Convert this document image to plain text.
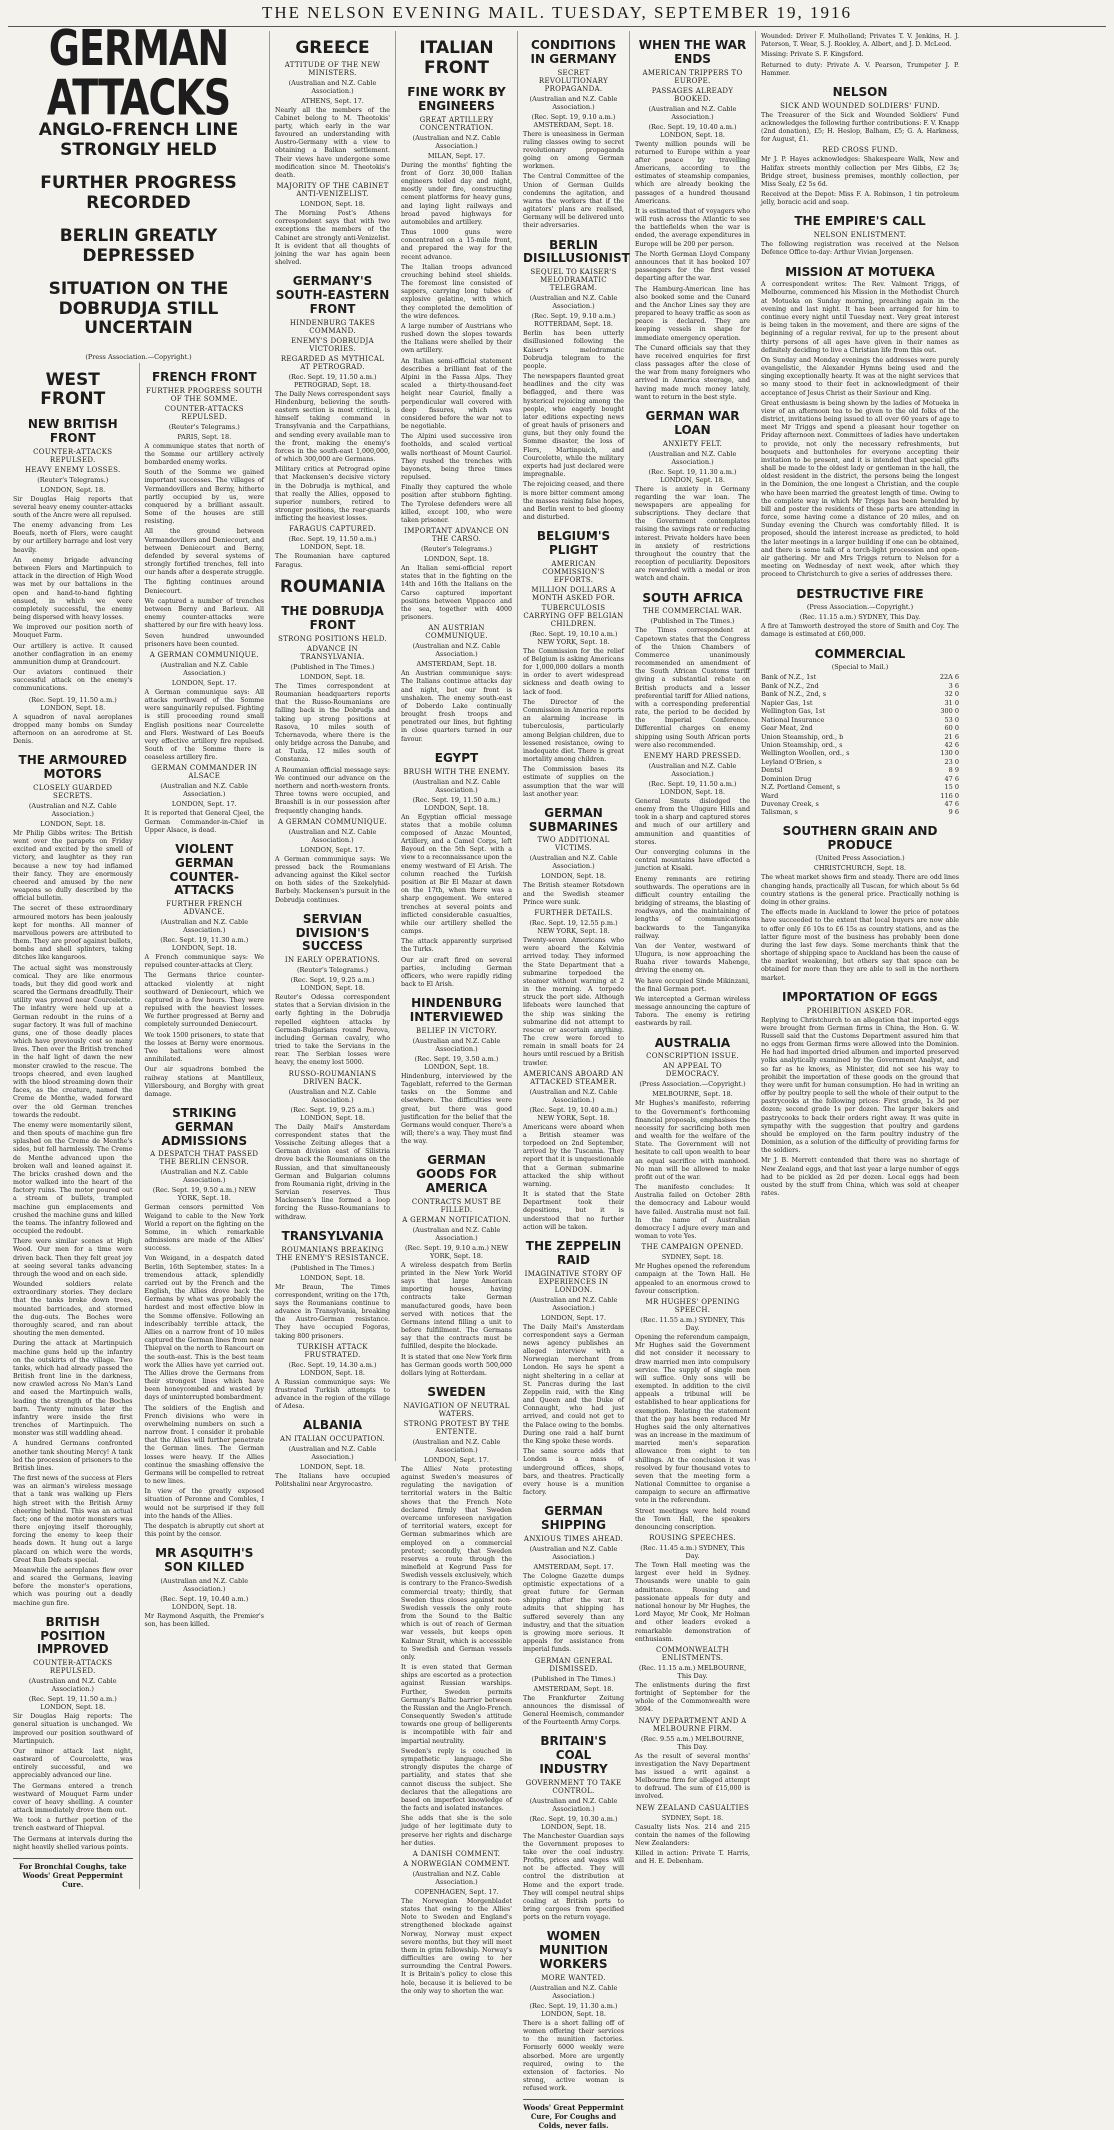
THE NELSON EVENING MAIL. TUESDAY, SEPTEMBER 19, 1916
GERMAN ATTACKS
ANGLO-FRENCH LINE STRONGLY HELD
FURTHER PROGRESS RECORDED
BERLIN GREATLY DEPRESSED
SITUATION ON THE DOBRUDJA STILL UNCERTAIN
(Press Association.—Copyright.)
WEST FRONT
NEW BRITISH FRONT
COUNTER-ATTACKS REPULSED.
HEAVY ENEMY LOSSES.
(Reuter's Telegrams.)
LONDON, Sept. 18.

Sir Douglas Haig reports that several heavy enemy counter-attacks south of the Ancre were all repulsed.

The enemy advancing from Les Boeufs, north of Flers, were caught by our artillery barrage and lost very heavily.

An enemy brigade advancing between Flers and Martinpuich to attack in the direction of High Wood was met by our battalions in the open and hand-to-hand fighting ensued, in which we were completely successful, the enemy being dispersed with heavy losses.

We improved our position north of Mouquet Farm.

Our artillery is active. It caused another conflagration in an enemy ammunition dump at Grandcourt.

Our aviators continued their successful attack on the enemy's communications.

(Rec. Sept. 19, 11.50 a.m.) LONDON, Sept. 18.

A squadron of naval aeroplanes dropped many bombs on Sunday afternoon on an aerodrome at St. Denis.

THE ARMOURED MOTORS
CLOSELY GUARDED SECRETS.
(Australian and N.Z. Cable Association.)
LONDON, Sept. 18.

Mr Philip Gibbs writes: The British went over the parapets on Friday excited and excited by the smell of victory, and laughter as they ran because a new toy had inflamed their fancy. They are enormously cheered and amused by the new weapons so dully described by the official bulletin.

The secret of these extraordinary armoured motors has been jealously kept for months. All manner of marvellous powers are attributed to them. They are proof against bullets, bombs and shell splinters, taking ditches like kangaroos.

The actual sight was monstrously comical. They are like enormous toads, but they did good work and scared the Germans dreadfully. Their utility was proved near Courcelette. The infantry were held up at a German redoubt in the ruins of a sugar factory. It was full of machine guns, one of those deadly places which have previously cost so many lives. Then over the British trenched in the half light of dawn the new monster crawled to the rescue. The troops cheered, and even laughed with the blood streaming down their faces, as the creature, named the Creme de Menthe, waded forward over the old German trenches towards the redoubt.

The enemy were momentarily silent, and then spouts of machine gun fire splashed on the Creme de Menthe's sides, but fell harmlessly. The Creme de Menthe advanced upon the broken wall and leaned against it. The bricks crashed down and the motor walked into the heart of the factory ruins. The motor poured out a stream of bullets, trampled machine gun emplacements and crushed the machine guns and killed the teams. The infantry followed and occupied the redoubt.

There were similar scenes at High Wood. Our men for a time were driven back. Then they felt great joy at seeing several tanks advancing through the wood and on each side.

Wounded soldiers relate extraordinary stories. They declare that the tanks broke down trees, mounted barricades, and stormed the dug-outs. The Boches were thoroughly scared, and ran about shouting the men demented.

During the attack at Martinpuich machine guns held up the infantry on the outskirts of the village. Two tanks, which had already passed the British front line in the darkness, now crawled across No Man's Land and eased the Martinpuich walls, leading the strength of the Boches barn. Twenty minutes later the infantry were inside the first trenches of Martinpuich. The monster was still waddling ahead.

A hundred Germans confronted another tank shouting Mercy! A tank led the procession of prisoners to the British lines.

The first news of the success at Flers was an airman's wireless message that a tank was walking up Flers high street with the British Army cheering behind. This was an actual fact; one of the motor monsters was there enjoying itself thoroughly, forcing the enemy to keep their heads down. It hung out a large placard on which were the words, Great Run Defeats special.

Meanwhile the aeroplanes flew over and scared the Germans, leaving before the monster's operations, which was pouring out a deadly machine gun fire.

BRITISH POSITION IMPROVED
COUNTER-ATTACKS REPULSED.
(Australian and N.Z. Cable Association.)
(Rec. Sept. 19, 11.50 a.m.) LONDON, Sept. 18.

Sir Douglas Haig reports: The general situation is unchanged. We improved our position southward of Martinpuich.

Our minor attack last night, eastward of Courcelette, was entirely successful, and we appreciably advanced our line.

The Germans entered a trench westward of Mouquet Farm under cover of heavy shelling. A counter attack immediately drove them out.

We took a further portion of the trench eastward of Thiepval.

The Germans at intervals during the night heavily shelled various points.

For Bronchial Coughs, take Woods' Great Peppermint Cure.
FRENCH FRONT
FURTHER PROGRESS SOUTH OF THE SOMME.
COUNTER-ATTACKS REPULSED.
(Reuter's Telegrams.)
PARIS, Sept. 18.

A communique states that north of the Somme our artillery actively bombarded enemy works.

South of the Somme we gained important successes. The villages of Vermandovillers and Berny, hitherto partly occupied by us, were conquered by a brilliant assault. Some of the houses are still resisting.

All the ground between Vermandovillers and Deniecourt, and between Deniecourt and Berny, defended by several systems of strongly fortified trenches, fell into our hands after a desperate struggle.

The fighting continues around Deniecourt.

We captured a number of trenches between Berny and Barleux. All enemy counter-attacks were shattered by our fire with heavy loss.

Seven hundred unwounded prisoners have been counted.

A GERMAN COMMUNIQUE.
(Australian and N.Z. Cable Association.)
LONDON, Sept. 17.

A German communique says: All attacks northward of the Somme were sanguinarily repulsed. Fighting is still proceeding round small English positions near Courcelette and Flers. Westward of Les Boeufs very effective artillery fire repulsed. South of the Somme there is ceaseless artillery fire.

GERMAN COMMANDER IN ALSACE
(Australian and N.Z. Cable Association.)
LONDON, Sept. 17.

It is reported that General Cjeel, the German Commander-in-Chief in Upper Alsace, is dead.

VIOLENT GERMAN COUNTER-ATTACKS
FURTHER FRENCH ADVANCE.
(Australian and N.Z. Cable Association.)
(Rec. Sept. 19, 11.30 a.m.) LONDON, Sept. 18.

A French communique says: We repulsed counter-attacks at Clery.

The Germans thrice counter-attacked violently at night southward of Deniecourt, which we captured in a few hours. They were repulsed with the heaviest losses. We further progressed at Berny and completely surrounded Deniecourt.

We took 1500 prisoners, to state that the losses at Berny were enormous. Two battalions were almost annihilated.

Our air squadrons bombed the railway stations at Mantilleux, Villersbourg, and Borghy with great damage.

STRIKING GERMAN ADMISSIONS
A DESPATCH THAT PASSED THE BERLIN CENSOR.
(Australian and N.Z. Cable Association.)
(Rec. Sept. 19, 9.50 a.m.) NEW YORK, Sept. 18.

German censors permitted Von Weigand to cable to the New York World a report on the fighting on the Somme, in which remarkable admissions are made of the Allies' success.

Von Weigand, in a despatch dated Berlin, 16th September, states: In a tremendous attack, splendidly carried out by the French and the English, the Allies drove back the Germans by what was probably the hardest and most effective blow in the Somme offensive. Following an indescribably terrible attack, the Allies on a narrow front of 10 miles captured the German lines from near Thiepval on the north to Rancourt on the south-east. This is the best team work the Allies have yet carried out. The Allies drove the Germans from their strongest lines which have been honeycombed and wasted by days of uninterrupted bombardment.

The soldiers of the English and French divisions who were in overwhelming numbers on such a narrow front. I consider it probable that the Allies will further penetrate the German lines. The German losses were heavy. If the Allies continue the smashing offensive the Germans will be compelled to retreat to new lines.

In view of the greatly exposed situation of Peronne and Combles, I would not be surprised if they fell into the hands of the Allies.

The despatch is abruptly cut short at this point by the censor.

MR ASQUITH'S SON KILLED
(Australian and N.Z. Cable Association.)
(Rec. Sept. 19, 10.40 a.m.) LONDON, Sept. 18.

Mr Raymond Asquith, the Premier's son, has been killed.

GREECE
ATTITUDE OF THE NEW MINISTERS.
(Australian and N.Z. Cable Association.)
ATHENS, Sept. 17.

Nearly all the members of the Cabinet belong to M. Theotokis' party, which early in the war favoured an understanding with Austro-Germany with a view to obtaining a Balkan settlement. Their views have undergone some modification since M. Theotokis's death.

MAJORITY OF THE CABINET ANTI-VENIZELIST.
LONDON, Sept. 18.

The Morning Post's Athens correspondent says that with two exceptions the members of the Cabinet are strongly anti-Venizelist. It is evident that all thoughts of joining the war has again been shelved.

GERMANY'S SOUTH-EASTERN FRONT
HINDENBURG TAKES COMMAND.
ENEMY'S DOBRUDJA VICTORIES.
REGARDED AS MYTHICAL AT PETROGRAD.
(Rec. Sept. 19, 11.50 a.m.) PETROGRAD, Sept. 18.

The Daily News correspondent says Hindenburg, believing the south-eastern section is most critical, is himself taking command in Transylvania and the Carpathians, and sending every available man to the front, making the enemy's forces in the south-east 1,000,000, of which 300,000 are Germans.

Military critics at Petrograd opine that Mackensen's decisive victory in the Dobrudja is mythical, and that really the Allies, opposed to superior numbers, retired to stronger positions, the rear-guards inflicting the heaviest losses.

FARAGUS CAPTURED.
(Rec. Sept. 19, 11.50 a.m.) LONDON, Sept. 18.

The Roumanian have captured Faragus.

ROUMANIA
THE DOBRUDJA FRONT
STRONG POSITIONS HELD.
ADVANCE IN TRANSYLVANIA.
(Published in The Times.)
LONDON, Sept. 18.

The Times correspondent at Roumanian headquarters reports that the Russo-Roumanians are falling back in the Dobrudja and taking up strong positions at Rasova, 10 miles south of Tchernavoda, where there is the only bridge across the Danube, and at Tuzla, 12 miles south of Constanza.

A Roumanian official message says: We continued our advance on the northern and north-western fronts. Three towns were occupied, and Braashill is in our possession after frequently changing hands.

A GERMAN COMMUNIQUE.
(Australian and N.Z. Cable Association.)
LONDON, Sept. 17.

A German communique says: We pressed back the Roumanians advancing against the Kikel sector on both sides of the Szekelyhid-Barbely. Mackensen's pursuit in the Dobrudja continues.

SERVIAN DIVISION'S SUCCESS
IN EARLY OPERATIONS.
(Reuter's Telegrams.)
(Rec. Sept. 19, 9.25 a.m.) LONDON, Sept. 18.

Reuter's Odessa correspondent states that a Servian division in the early fighting in the Dobrudja repelled eighteen attacks by German-Bulgarians round Perova, including German cavalry, who tried to take the Servians in the rear. The Serbian losses were heavy, the enemy lost 5000.

RUSSO-ROUMANIANS DRIVEN BACK.
(Australian and N.Z. Cable Association.)
(Rec. Sept. 19, 9.25 a.m.) LONDON, Sept. 18.

The Daily Mail's Amsterdam correspondent states that the Vossische Zeitung alleges that a German division east of Silistria drove back the Roumanians on the Russian, and that simultaneously German and Bulgarian columns from Roumania right, driving in the Servian reserves. Thus Mackensen's line formed a loop forcing the Russo-Roumanians to withdraw.

TRANSYLVANIA
ROUMANIANS BREAKING THE ENEMY'S RESISTANCE.
(Published in The Times.)
LONDON, Sept. 18.

Mr Braun, The Times correspondent, writing on the 17th, says the Roumanians continue to advance in Transylvania, breaking the Austro-German resistance. They have occupied Fogoras, taking 800 prisoners.

TURKISH ATTACK FRUSTRATED.
(Rec. Sept. 19, 14.30 a.m.) LONDON, Sept. 18.

A Russian communique says: We frustrated Turkish attempts to advance in the region of the village of Adesa.

ALBANIA
AN ITALIAN OCCUPATION.
(Australian and N.Z. Cable Association.)
LONDON, Sept. 18.

The Italians have occupied Politshalini near Argyrocastro.

ITALIAN FRONT
FINE WORK BY ENGINEERS
GREAT ARTILLERY CONCENTRATION.
(Australian and N.Z. Cable Association.)
MILAN, Sept. 17.

During the months' fighting the front of Gorz 30,000 Italian engineers toiled day and night, mostly under fire, constructing cement platforms for heavy guns, and laying light railways and broad paved highways for automobiles and artillery.

Thus 1000 guns were concentrated on a 15-mile front, and prepared the way for the recent advance.

The Italian troops advanced crouching behind steel shields. The foremost line consisted of sappers, carrying long tubes of explosive gelatine, with which they completed the demolition of the wire defences.

A large number of Austrians who rushed down the slopes towards the Italians were shelled by their own artillery.

An Italian semi-official statement describes a brilliant feat of the Alpini in the Fassa Alps. They scaled a thirty-thousand-feet height near Cauriol, finally a perpendicular wall covered with deep fissures, which was considered before the war not to be negotiable.

The Alpini used successive iron footholds, and scaled vertical walls northeast of Mount Cauriol. They rushed the trenches with bayonets, being three times repulsed.

Finally they captured the whole position after stubborn fighting. The Tyrolese defenders were all killed, except 100, who were taken prisoner.

IMPORTANT ADVANCE ON THE CARSO.
(Reuter's Telegrams.)
LONDON, Sept. 18.

An Italian semi-official report states that in the fighting on the 14th and 16th the Italians on the Carso captured important positions between Vippacco and the sea, together with 4000 prisoners.

AN AUSTRIAN COMMUNIQUE.
(Australian and N.Z. Cable Association.)
AMSTERDAM, Sept. 18.

An Austrian communique says: The Italians continue attacks day and night, but our front is unshaken. The enemy south-east of Doberdo Lake continually brought fresh troops and penetrated our lines, but fighting in close quarters turned in our favour.

EGYPT
BRUSH WITH THE ENEMY.
(Australian and N.Z. Cable Association.)
(Rec. Sept. 19, 11.50 a.m.) LONDON, Sept. 18.

An Egyptian official message states that a mobile column composed of Anzac Mounted, Artillery, and a Camel Corps, left Bayoud on the 5th Sept. with a view to a reconnaissance upon the enemy westward of El Arish. The column reached the Turkish position at Bir El Mazar at dawn on the 17th, when there was a sharp engagement. We entered trenches at several points and inflicted considerable casualties, while our artillery shelled the camps.

The attack apparently surprised the Turks.

Our air craft fired on several parties, including German officers, who were rapidly riding back to El Arish.

HINDENBURG INTERVIEWED
BELIEF IN VICTORY.
(Australian and N.Z. Cable Association.)
(Rec. Sept. 19, 3.50 a.m.) LONDON, Sept. 18.

Hindenburg, interviewed by the Tageblatt, referred to the German tasks on the Somme and elsewhere. The difficulties were great, but there was good justification for the belief that the Germans would conquer. There's a will; there's a way. They must find the way.

GERMAN GOODS FOR AMERICA
CONTRACTS MUST BE FILLED.
A GERMAN NOTIFICATION.
(Australian and N.Z. Cable Association.)
(Rec. Sept. 19, 9.10 a.m.) NEW YORK, Sept. 18.

A wireless despatch from Berlin printed in the New York World says that large American importing houses, having contracts take German manufactured goods, have been served with notices that the Germans intend filling a unit to before fulfillment. The Germans say that the contracts must be fulfilled, despite the blockade.

It is stated that one New York firm has German goods worth 500,000 dollars lying at Rotterdam.

SWEDEN
NAVIGATION OF NEUTRAL WATERS.
STRONG PROTEST BY THE ENTENTE.
(Australian and N.Z. Cable Association.)
LONDON, Sept. 17.

The Allies' Note protesting against Sweden's measures of regulating the navigation of territorial waters in the Baltic shows that the French Note declared firmly that Sweden overcame unforeseen navigation of territorial waters, except for German submarines which are employed on a commercial pretext; secondly, that Sweden reserves a route through the minefield at Kegrund Pass for Swedish vessels exclusively, which is contrary to the Franco-Swedish commercial treaty; thirdly, that Sweden thus closes against non-Swedish vessels the only route from the Sound to the Baltic which is out of reach of German war vessels, but keeps open Kalmar Strait, which is accessible to Swedish and German vessels only.

It is even stated that German ships are escorted as a protection against Russian warships. Further, Sweden permits Germany's Baltic barrier between the Russian and the Anglo-French. Consequently Sweden's attitude towards one group of belligerents is incompatible with fair and impartial neutrality.

Sweden's reply is couched in sympathetic language. She strongly disputes the charge of partiality, and states that she cannot discuss the subject. She declares that the allegations are based on imperfect knowledge of the facts and isolated instances.

She adds that she is the sole judge of her legitimate duty to preserve her rights and discharge her duties.

A DANISH COMMENT.
A NORWEGIAN COMMENT.
(Australian and N.Z. Cable Association.)
COPENHAGEN, Sept. 17.

The Norwegian Morgenbladet states that owing to the Allies' Note to Sweden and England's strengthened blockade against Norway, Norway must expect severe months, but they will meet them in grim fellowship. Norway's difficulties are owing to her surrounding the Central Powers. It is Britain's policy to close this hole, because it is believed to be the only way to shorten the war.

CONDITIONS IN GERMANY
SECRET REVOLUTIONARY PROPAGANDA.
(Australian and N.Z. Cable Association.)
(Rec. Sept. 19, 9.10 a.m.) AMSTERDAM, Sept. 18.

There is uneasiness in German ruling classes owing to secret revolutionary propaganda going on among German workmen.

The Central Committee of the Union of German Guilds condemns the agitation, and warns the workers that if the agitators' plans are realised, Germany will be delivered unto their adversaries.

BERLIN DISILLUSIONIST
SEQUEL TO KAISER'S MELODRAMATIC TELEGRAM.
(Australian and N.Z. Cable Association.)
(Rec. Sept. 19, 9.10 a.m.) ROTTERDAM, Sept. 18.

Berlin has been utterly disillusioned following the Kaiser's melodramatic Dobrudja telegram to the people.

The newspapers flaunted great headlines and the city was beflagged, and there was hysterical rejoicing among the people, who eagerly bought later editions expecting news of great hauls of prisoners and guns, but they only found the Somme disaster, the loss of Flers, Martinpuich, and Courcelette, while the military experts had just declared were impregnable.

The rejoicing ceased, and there is more bitter comment among the masses raising false hopes, and Berlin went to bed gloomy and disturbed.

BELGIUM'S PLIGHT
AMERICAN COMMISSION'S EFFORTS.
MILLION DOLLARS A MONTH ASKED FOR.
TUBERCULOSIS CARRYING OFF BELGIAN CHILDREN.
(Rec. Sept. 19, 10.10 a.m.) NEW YORK, Sept. 18.

The Commission for the relief of Belgium is asking Americans for 1,000,000 dollars a month in order to avert widespread sickness and death owing to lack of food.

The Director of the Commission in America reports an alarming increase in tuberculosis, particularly among Belgian children, due to lessened resistance, owing to inadequate diet. There is great mortality among children.

The Commission bases its estimate of supplies on the assumption that the war will last another year.

GERMAN SUBMARINES
TWO ADDITIONAL VICTIMS.
(Australian and N.Z. Cable Association.)
LONDON, Sept. 18.

The British steamer Rotsdown and the Swedish steamer Prince were sunk.

FURTHER DETAILS.
(Rec. Sept. 19, 12.55 p.m.) NEW YORK, Sept. 18.

Twenty-seven Americans who were aboard the Kelvinia arrived today. They informed the State Department that a submarine torpedoed the steamer without warning at 2 in the morning. A torpedo struck the port side. Although lifeboats were launched that the ship was sinking the submarine did not attempt to rescue or ascertain anything. The crew were forced to remain in small boats for 24 hours until rescued by a British trawler.

AMERICANS ABOARD AN ATTACKED STEAMER.
(Australian and N.Z. Cable Association.)
(Rec. Sept. 19, 10.40 a.m.) NEW YORK, Sept. 18.

Americans were aboard when a British steamer was torpedoed on 2nd September, arrived by the Tuscania. They report that it is unquestionable that a German submarine attacked the ship without warning.

It is stated that the State Department took their depositions, but it is understood that no further action will be taken.

THE ZEPPELIN RAID
IMAGINATIVE STORY OF EXPERIENCES IN LONDON.
(Australian and N.Z. Cable Association.)
LONDON, Sept. 17.

The Daily Mail's Amsterdam correspondent says a German news agency publishes an alleged interview with a Norwegian merchant from London. He says he spent a night sheltering in a cellar at St. Pancras during the last Zeppelin raid, with the King and Queen and the Duke of Connaught, who had just arrived, and could not get to the Palace owing to the bombs. During one raid a half burnt the King spoke these words.

The same source adds that London is a mass of underground offices, shops, bars, and theatres. Practically every house is a munition factory.

GERMAN SHIPPING
ANXIOUS TIMES AHEAD.
(Australian and N.Z. Cable Association.)
AMSTERDAM, Sept. 17.

The Cologne Gazette dumps optimistic expectations of a great future for German shipping after the war. It admits that shipping has suffered severely than any industry, and that the situation is growing more serious. It appeals for assistance from imperial funds.

GERMAN GENERAL DISMISSED.
(Published in The Times.)
AMSTERDAM, Sept. 18.

The Frankfurter Zeitung announces the dismissal of General Heemisch, commander of the Fourteenth Army Corps.

BRITAIN'S COAL INDUSTRY
GOVERNMENT TO TAKE CONTROL.
(Australian and N.Z. Cable Association.)
(Rec. Sept. 19, 10.30 a.m.) LONDON, Sept. 18.

The Manchester Guardian says the Government proposes to take over the coal industry. Profits, prices and wages will not be affected. They will control the distribution at Home and the export trade. They will compel neutral ships coaling at British ports to bring cargoes from specified ports on the return voyage.

WOMEN MUNITION WORKERS
MORE WANTED.
(Australian and N.Z. Cable Association.)
(Rec. Sept. 19, 11.30 a.m.) LONDON, Sept. 18.

There is a short falling off of women offering their services to the munition factories. Formerly 6000 weekly were absorbed. More are urgently required, owing to the extension of factories. No strong, active woman is refused work.

Woods' Great Peppermint Cure, For Coughs and Colds, never fails.
WHEN THE WAR ENDS
AMERICAN TRIPPERS TO EUROPE.
PASSAGES ALREADY BOOKED.
(Australian and N.Z. Cable Association.)
(Rec. Sept. 19, 10.40 a.m.) LONDON, Sept. 18.

Twenty million pounds will be returned to Europe within a year after peace by travelling Americans, according to the estimates of steamship companies, which are already booking the passages of a hundred thousand Americans.

It is estimated that of voyagers who will rush across the Atlantic to see the battlefields when the war is ended, the average expenditures in Europe will be 200 per person.

The North German Lloyd Company announces that it has booked 107 passengers for the first vessel departing after the war.

The Hamburg-American line has also booked some and the Cunard and the Anchor Lines say they are prepared to heavy traffic as soon as peace is declared. They are keeping vessels in shape for immediate emergency operation.

The Cunard officials say that they have received enquiries for first class passages after the close of the war from many foreigners who arrived in America steerage, and having made much money lately, want to return in the best style.

GERMAN WAR LOAN
ANXIETY FELT.
(Australian and N.Z. Cable Association.)
(Rec. Sept. 19, 11.30 a.m.) LONDON, Sept. 18.

There is anxiety in Germany regarding the war loan. The newspapers are appealing for subscriptions. They declare that the Government contemplates raising the savings rate or reducing interest. Private holders have been in anxiety of restrictions throughout the country that the reception of peculiarity. Depositors are rewarded with a medal or iron watch and chain.

SOUTH AFRICA
THE COMMERCIAL WAR.
(Published in The Times.)

The Times correspondent at Capetown states that the Congress of the Union Chambers of Commerce unanimously recommended an amendment of the South African Customs tariff giving a substantial rebate on British products and a lesser preferential tariff for Allied nations, with a corresponding preferential rate, the period to be decided by the Imperial Conference. Differential charges on enemy shipping using South African ports were also recommended.

ENEMY HARD PRESSED.
(Australian and N.Z. Cable Association.)
(Rec. Sept. 19, 11.50 a.m.) LONDON, Sept. 18.

General Smuts dislodged the enemy from the Ulugure Hills and took in a sharp and captured stores and much of our artillery and ammunition and quantities of stores.

Our converging columns in the central mountains have effected a junction at Kisaki.

Enemy remnants are retiring southwards. The operations are in difficult country entailing the bridging of streams, the blasting of roadways, and the maintaining of lengths of communications backwards to the Tanganyika railway.

Van der Venter, westward of Ulugura, is now approaching the Ruaha river towards Mahenge, driving the enemy on.

We have occupied Sinde Mikinzani, the final German port.

We intercepted a German wireless message announcing the capture of Tabora. The enemy is retiring eastwards by rail.

AUSTRALIA
CONSCRIPTION ISSUE.
AN APPEAL TO DEMOCRACY.
(Press Association.—Copyright.)
MELBOURNE, Sept. 18.

Mr Hughes's manifesto, referring to the Government's forthcoming financial proposals, emphasises the necessity for sacrificing both men and wealth for the welfare of the State. The Government will not hesitate to call upon wealth to bear an equal sacrifice with manhood. No man will be allowed to make profit out of the war.

The manifesto concludes: It Australia failed on October 28th the democracy and Labour would have failed. Australia must not fail. In the name of Australian democracy I adjure every man and woman to vote Yes.

THE CAMPAIGN OPENED.
SYDNEY, Sept. 18.

Mr Hughes opened the referendum campaign at the Town Hall. He appealed to an enormous crowd to favour conscription.

MR HUGHES' OPENING SPEECH.
(Rec. 11.55 a.m.) SYDNEY, This Day.

Opening the referendum campaign, Mr Hughes said the Government did not consider it necessary to draw married men into compulsory service. The supply of single men will suffice. Only sons will be exempted. In addition to the civil appeals a tribunal will be established to hear applications for exemption. Relating the statement that the pay has been reduced Mr Hughes said the only alternatives was an increase in the maximum of married men's separation allowance from eight to ten shillings. At the conclusion it was resolved by four thousand votes to seven that the meeting form a National Committee to organise a campaign to secure an affirmative vote in the referendum.

Street meetings were held round the Town Hall, the speakers denouncing conscription.

ROUSING SPEECHES.
(Rec. 11.45 a.m.) SYDNEY, This Day.

The Town Hall meeting was the largest ever held in Sydney. Thousands were unable to gain admittance. Rousing and passionate appeals for duty and national honour by Mr Hughes, the Lord Mayor, Mr Cook, Mr Holman and other leaders evoked a remarkable demonstration of enthusiasm.

COMMONWEALTH ENLISTMENTS.
(Rec. 11.15 a.m.) MELBOURNE, This Day.

The enlistments during the first fortnight of September for the whole of the Commonwealth were 3694.

NAVY DEPARTMENT AND A MELBOURNE FIRM.
(Rec. 9.55 a.m.) MELBOURNE, This Day.

As the result of several months' investigation the Navy Department has issued a writ against a Melbourne firm for alleged attempt to defraud. The sum of £15,000 is involved.

NEW ZEALAND CASUALTIES
SYDNEY, Sept. 18.

Casualty lists Nos. 214 and 215 contain the names of the following New Zealanders:

Killed in action: Private T. Harris, and H. E. Debenham.

Wounded: Driver F. Mulholland; Privates T. V. Jenkins, H. J. Paterson, T. Wear, S. J. Rookley, A. Albert, and J. D. McLeod.

Missing: Private S. F. Kingsford.

Returned to duty: Private A. V. Pearson, Trumpeter J. P. Hammer.

NELSON
SICK AND WOUNDED SOLDIERS' FUND.

The Treasurer of the Sick and Wounded Soldiers' Fund acknowledges the following further contributions: F. V. Knapp (2nd donation), £5; H. Heslop, Balham, £5; G. A. Harkness, for August, £1.

RED CROSS FUND.

Mr J. P. Hayes acknowledges: Shakespeare Walk, New and Halifax streets monthly collection per Mrs Gibbs, £2 3s; Bridge street, business premises, monthly collection, per Miss Sealy, £2 5s 6d.

Received at the Depot: Miss F. A. Robinson, 1 tin petroleum jelly, boracic acid and soap.

THE EMPIRE'S CALL
NELSON ENLISTMENT.

The following registration was received at the Nelson Defence Office to-day: Arthur Vivian Jorgensen.

MISSION AT MOTUEKA

A correspondent writes: The Rev. Valmont Triggs, of Melbourne, commenced his Mission in the Methodist Church at Motueka on Sunday morning, preaching again in the evening and last night. It has been arranged for him to continue every night until Tuesday next. Very great interest is being taken in the movement, and there are signs of the beginning of a regular revival, for up to the present about thirty persons of all ages have given in their names as definitely deciding to live a Christian life from this out.

On Sunday and Monday evenings the addresses were purely evangelistic, the Alexander Hymns being used and the singing exceptionally hearty. It was at the night services that so many stood to their feet in acknowledgment of their acceptance of Jesus Christ as their Saviour and King.

Great enthusiasm is being shown by the ladies of Motueka in view of an afternoon tea to be given to the old folks of the district, invitations being issued to all over 60 years of age to meet Mr Triggs and spend a pleasant hour together on Friday afternoon next. Committees of ladies have undertaken to provide, not only the necessary refreshments, but bouquets and buttonholes for everyone accepting their invitation to be present, and it is intended that special gifts shall be made to the oldest lady or gentleman in the hall, the oldest resident in the district, the persons being the longest in the Dominion, the one longest a Christian, and the couple who have been married the greatest length of time. Owing to the complete way in which Mr Triggs has been heralded by bill and poster the residents of these parts are attending in force, some having come a distance of 20 miles, and on Sunday evening the Church was comfortably filled. It is proposed, should the interest increase as predicted, to hold the later meetings in a larger building if one can be obtained, and there is some talk of a torch-light procession and open-air gathering. Mr and Mrs Triggs return to Nelson for a meeting on Wednesday of next week, after which they proceed to Christchurch to give a series of addresses there.

DESTRUCTIVE FIRE
(Press Association.—Copyright.)
(Rec. 11.15 a.m.) SYDNEY, This Day.

A fire at Tamworth destroyed the store of Smith and Coy. The damage is estimated at £60,000.

COMMERCIAL
(Special to Mail.)
Bank of N.Z., 1st	22A 6
Bank of N.Z., 2nd	3 6
Bank of N.Z., 2nd, s	32 0
Napier Gas, 1st	31 0
Wellington Gas, 1st	300 0
National Insurance	53 0
Gear Meat, 2nd	60 0
Union Steamship, ord., b	21 6
Union Steamship, ord., s	42 6
Wellington Woollen, ord., s	130 0
Leyland O'Brien, s	23 0
Dentsl	8 9
Dominion Drug	47 6
N.Z. Portland Cement, s	15 0
Ward	116 0
Duvenay Creek, s	47 6
Talisman, s	9 6
SOUTHERN GRAIN AND PRODUCE
(United Press Association.)
CHRISTCHURCH, Sept. 18.

The wheat market shows firm and steady. There are odd lines changing hands, practically all Tuscan, for which about 5s 6d country stations is the general price. Practically nothing is doing in other grains.

The effects made in Auckland to lower the price of potatoes have succeeded to the extent that local buyers are now able to offer only £6 10s to £6 15s as country stations, and as the latter figure most of the business has probably been done during the last few days. Some merchants think that the shortage of shipping space to Auckland has been the cause of the market weakening, but others say that space can be obtained for more than they are able to sell in the northern market.

IMPORTATION OF EGGS
PROHIBITION ASKED FOR.

Replying to Christchurch to an allegation that imported eggs were brought from German firms in China, the Hon. G. W. Russell said that the Customs Department assured him that no eggs from German firms were allowed into the Dominion. He had had imported dried albumen and imported preserved yolks analytically examined by the Government Analyst, and so far as he knows, as Minister, did not see his way to prohibit the importation of these goods on the ground that they were unfit for human consumption. He had in writing an offer by poultry people to sell the whole of their output to the pastrycooks at the following prices: First grade, 1s 3d per dozen; second grade 1s per dozen. The larger bakers and pastrycooks to back their orders right away. It was quite in sympathy with the suggestion that poultry and gardens should be employed on the farm poultry industry of the Dominion, as a solution of the difficulty of providing farms for the soldiers.

Mr J. B. Merrett contended that there was no shortage of New Zealand eggs, and that last year a large number of eggs had to be pickled as 2d per dozen. Local eggs had been ousted by the stuff from China, which was sold at cheaper rates.
